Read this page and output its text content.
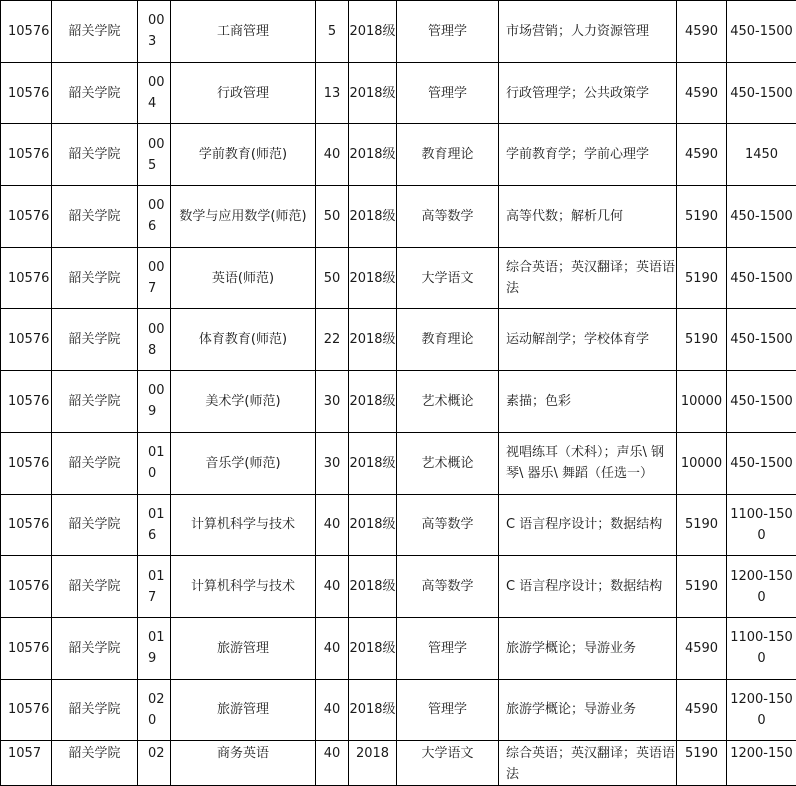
10576	韶关学院	003	工商管理	5	2018级	管理学	市场营销；人力资源管理	4590	450-1500
10576	韶关学院	004	行政管理	13	2018级	管理学	行政管理学；公共政策学	4590	450-1500
10576	韶关学院	005	学前教育(师范)	40	2018级	教育理论	学前教育学；学前心理学	4590	1450
10576	韶关学院	006	数学与应用数学(师范)	50	2018级	高等数学	高等代数；解析几何	5190	450-1500
10576	韶关学院	007	英语(师范)	50	2018级	大学语文	综合英语；英汉翻译；英语语法	5190	450-1500
10576	韶关学院	008	体育教育(师范)	22	2018级	教育理论	运动解剖学；学校体育学	5190	450-1500
10576	韶关学院	009	美术学(师范)	30	2018级	艺术概论	素描；色彩	10000	450-1500
10576	韶关学院	010	音乐学(师范)	30	2018级	艺术概论	视唱练耳（术科）；声乐\ 钢琴\ 器乐\ 舞蹈（任选一）	10000	450-1500
10576	韶关学院	016	计算机科学与技术	40	2018级	高等数学	C 语言程序设计；数据结构	5190	1100-1500
10576	韶关学院	017	计算机科学与技术	40	2018级	高等数学	C 语言程序设计；数据结构	5190	1200-1500
10576	韶关学院	019	旅游管理	40	2018级	管理学	旅游学概论；导游业务	4590	1100-1500
10576	韶关学院	020	旅游管理	40	2018级	管理学	旅游学概论；导游业务	4590	1200-1500
1057	韶关学院	02	商务英语	40	2018	大学语文	综合英语；英汉翻译；英语语法	5190	1200-150
